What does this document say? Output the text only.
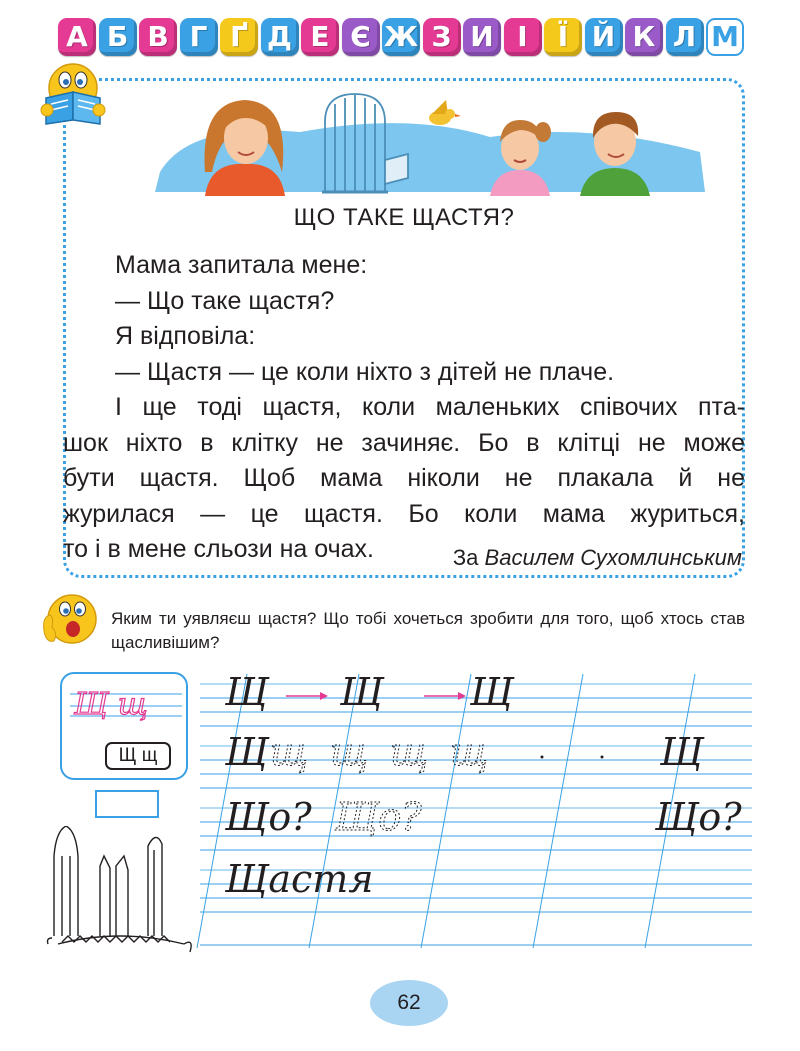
А Б В Г Ґ Д Е Є Ж З И І	Ї Й К Л М
ЩО ТАКЕ ЩАСТЯ?

Мама запитала мене:

— Що таке щастя?

Я відповіла:

— Щастя — це коли ніхто з дітей не плаче.

І ще тоді щастя, коли маленьких співочих пта-

шок ніхто в клітку не зачиняє. Бо в клітці не може

бути щастя. Щоб мама ніколи не плакала й не

журилася — це щастя. Бо коли мама журиться,

то і в мене сльози на очах.	За Василем Сухомлинським
Яким ти уявляєш щастя? Що тобі хочеться зробити для того, щоб хтось став щасливішим?
Щ щ
Щ щ
Щ Щ Щ
Щ щ щ щ щ	Щ
Що? Що?	Що?
Щастя
62
